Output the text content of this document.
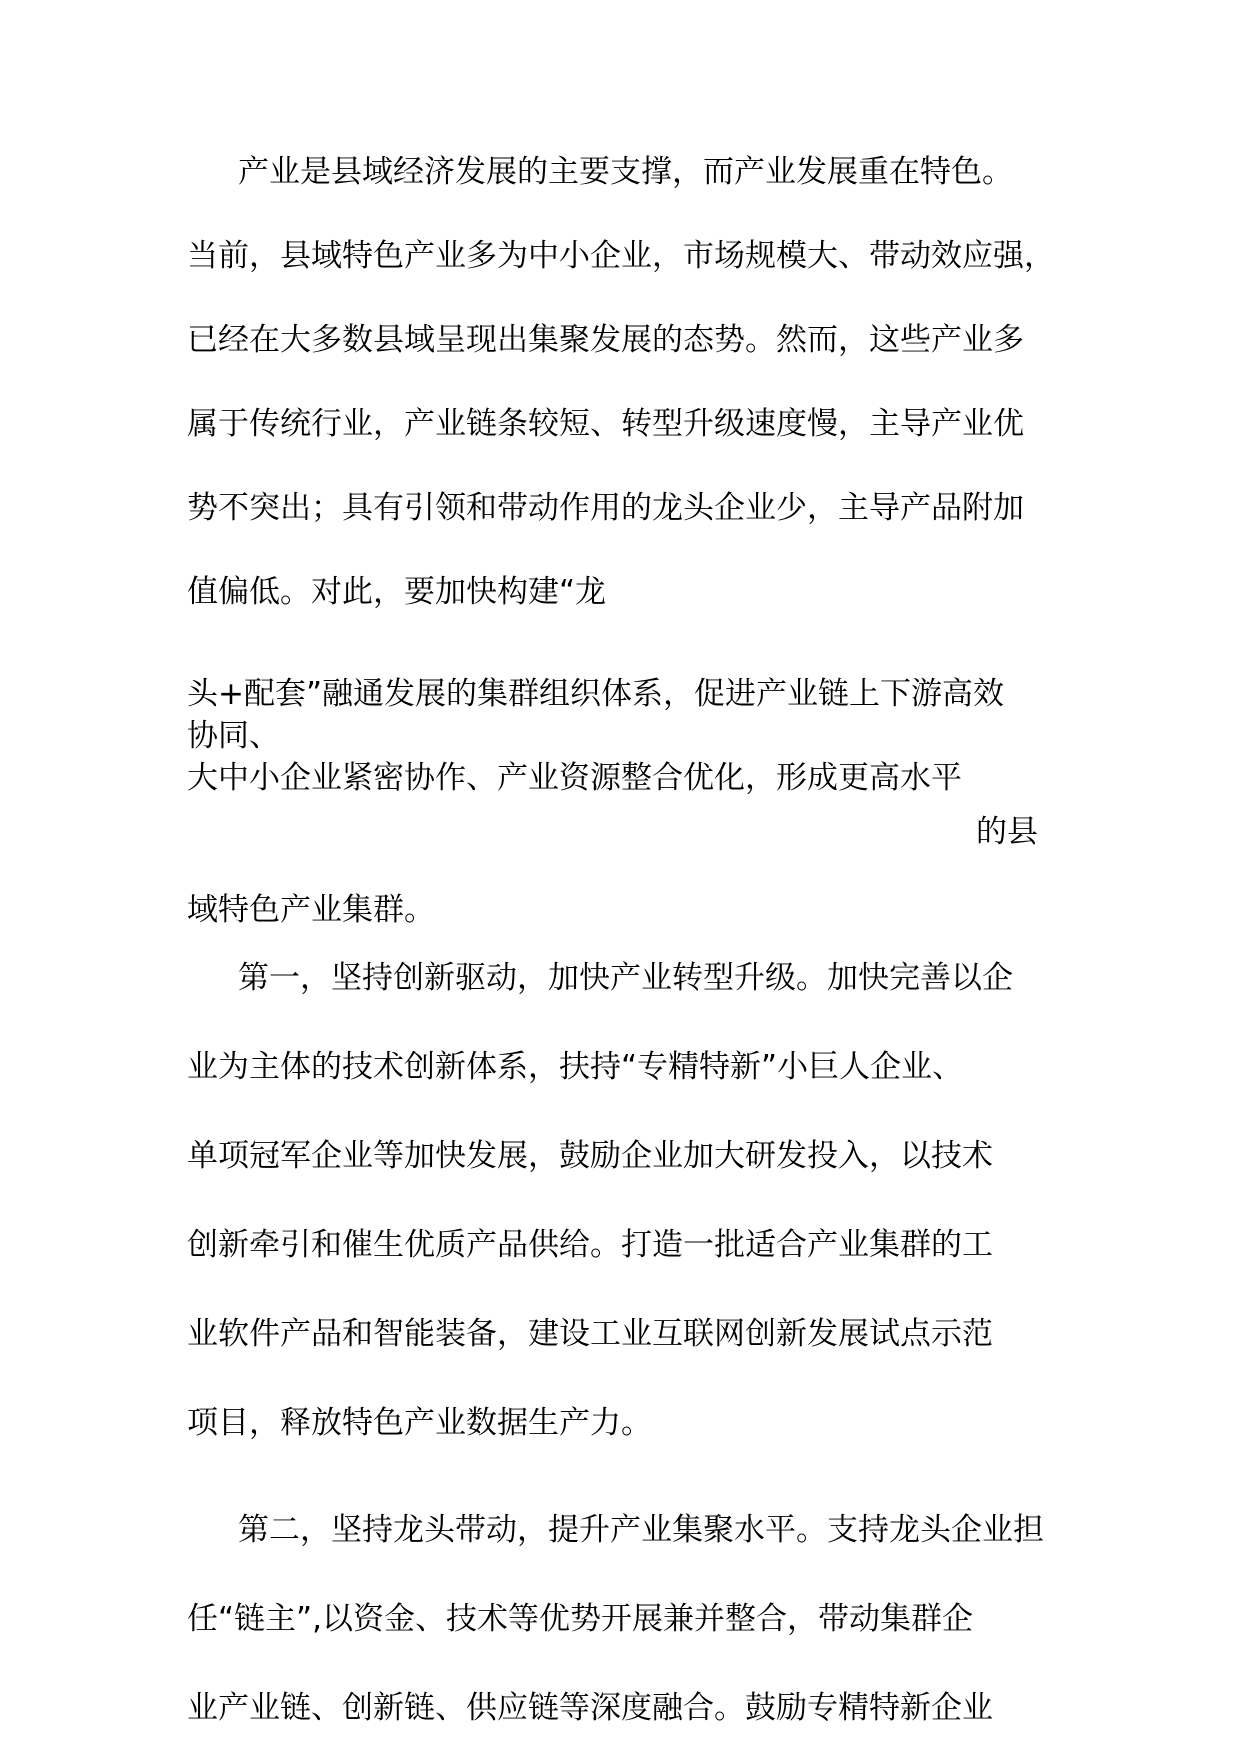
产业是县域经济发展的主要支撑，而产业发展重在特色。

当前，县域特色产业多为中小企业，市场规模大、带动效应强，

已经在大多数县域呈现出集聚发展的态势。然而，这些产业多

属于传统行业，产业链条较短、转型升级速度慢，主导产业优

势不突出；具有引领和带动作用的龙头企业少，主导产品附加

值偏低。对此，要加快构建“龙

头+配套”融通发展的集群组织体系，促进产业链上下游高效

协同、

大中小企业紧密协作、产业资源整合优化，形成更高水平

的县

域特色产业集群。

第一，坚持创新驱动，加快产业转型升级。加快完善以企

业为主体的技术创新体系，扶持“专精特新”小巨人企业、

单项冠军企业等加快发展，鼓励企业加大研发投入，以技术

创新牵引和催生优质产品供给。打造一批适合产业集群的工

业软件产品和智能装备，建设工业互联网创新发展试点示范

项目，释放特色产业数据生产力。

第二，坚持龙头带动，提升产业集聚水平。支持龙头企业担

任“链主”,以资金、技术等优势开展兼并整合，带动集群企

业产业链、创新链、供应链等深度融合。鼓励专精特新企业
